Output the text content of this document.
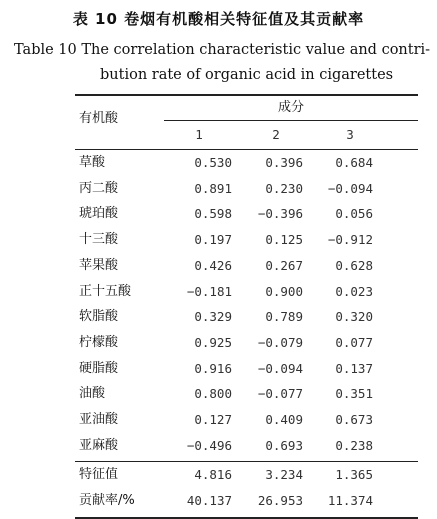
表 10 卷烟有机酸相关特征值及其贡献率
Table 10 The correlation characteristic value and contri-
bution rate of organic acid in cigarettes
有机酸
成分
1	2	3
草酸	0.530	0.396	0.684
丙二酸	0.891	0.230	−0.094
琥珀酸	0.598	−0.396	0.056
十三酸	0.197	0.125	−0.912
苹果酸	0.426	0.267	0.628
正十五酸	−0.181	0.900	0.023
软脂酸	0.329	0.789	0.320
柠檬酸	0.925	−0.079	0.077
硬脂酸	0.916	−0.094	0.137
油酸	0.800	−0.077	0.351
亚油酸	0.127	0.409	0.673
亚麻酸	−0.496	0.693	0.238
特征值	4.816	3.234	1.365
贡献率/%	40.137	26.953	11.374
